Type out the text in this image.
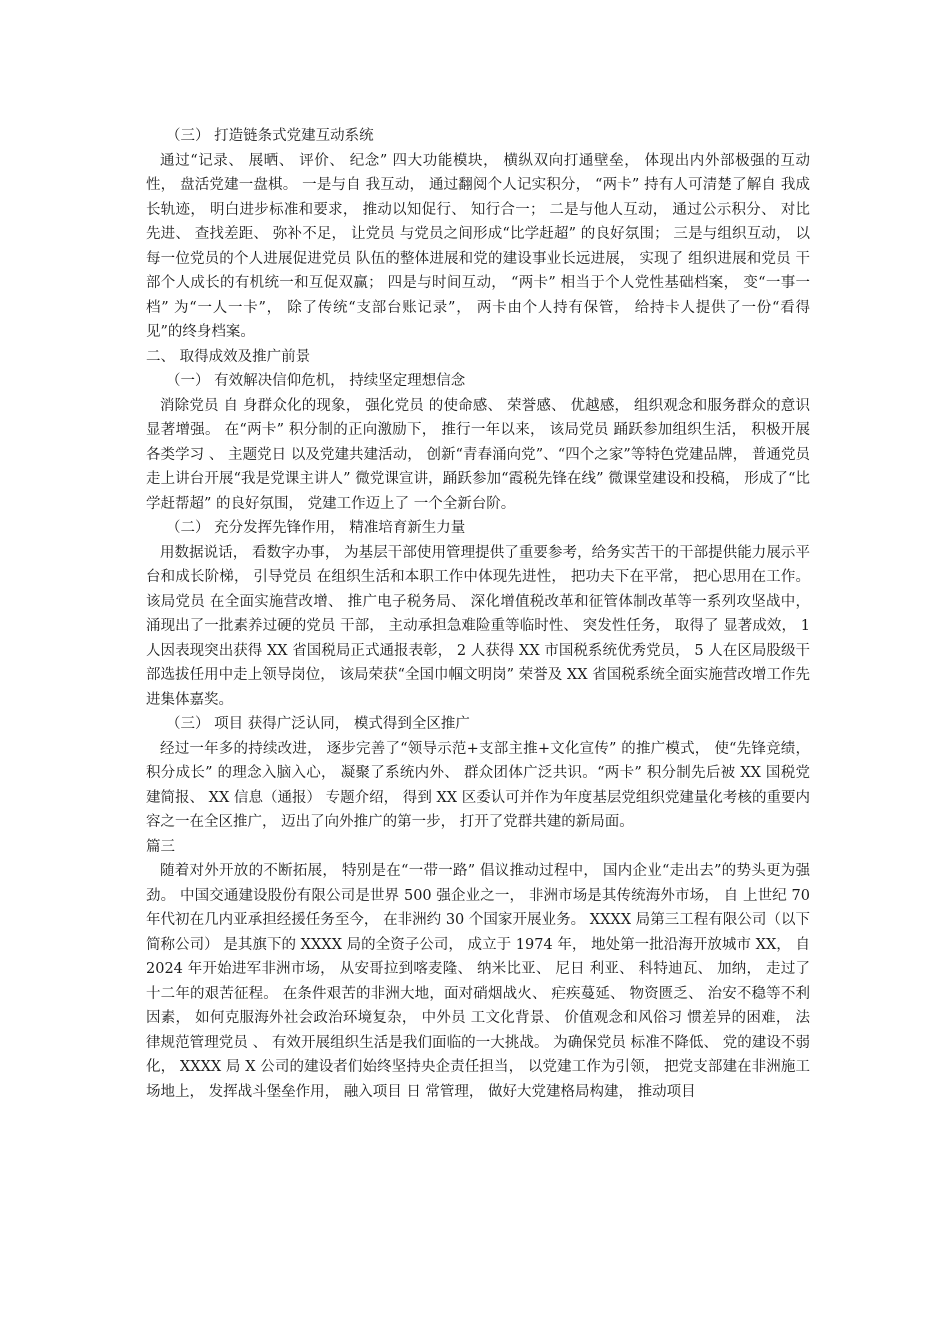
（三） 打造链条式党建互动系统

通过“记录、 展晒、 评价、 纪念” 四大功能模块， 横纵双向打通壁垒， 体现出内外部极强的互动性， 盘活党建一盘棋。 一是与自 我互动， 通过翻阅个人记实积分， “两卡” 持有人可清楚了解自 我成长轨迹， 明白进步标准和要求， 推动以知促行、 知行合一； 二是与他人互动， 通过公示积分、 对比先进、 查找差距、 弥补不足， 让党员 与党员之间形成“比学赶超” 的良好氛围； 三是与组织互动， 以每一位党员的个人进展促进党员 队伍的整体进展和党的建设事业长远进展， 实现了 组织进展和党员 干部个人成长的有机统一和互促双赢； 四是与时间互动， “两卡” 相当于个人党性基础档案， 变“一事一档” 为“一人一卡”， 除了传统“支部台账记录”， 两卡由个人持有保管， 给持卡人提供了一份“看得见”的终身档案。

二、 取得成效及推广前景

（一） 有效解决信仰危机， 持续坚定理想信念

消除党员 自 身群众化的现象， 强化党员 的使命感、 荣誉感、 优越感， 组织观念和服务群众的意识显著增强。 在“两卡” 积分制的正向激励下， 推行一年以来， 该局党员 踊跃参加组织生活， 积极开展各类学习 、 主题党日 以及党建共建活动， 创新“青春涌向党”、“四个之家”等特色党建品牌， 普通党员 走上讲台开展“我是党课主讲人” 微党课宣讲，踊跃参加“霞税先锋在线” 微课堂建设和投稿， 形成了“比学赶帮超” 的良好氛围， 党建工作迈上了 一个全新台阶。

（二） 充分发挥先锋作用， 精准培育新生力量

用数据说话， 看数字办事， 为基层干部使用管理提供了重要参考，给务实苦干的干部提供能力展示平台和成长阶梯， 引导党员 在组织生活和本职工作中体现先进性， 把功夫下在平常， 把心思用在工作。 该局党员 在全面实施营改增、 推广电子税务局、 深化增值税改革和征管体制改革等一系列攻坚战中， 涌现出了一批素养过硬的党员 干部， 主动承担急难险重等临时性、 突发性任务， 取得了 显著成效， 1 人因表现突出获得 XX 省国税局正式通报表彰， 2 人获得 XX 市国税系统优秀党员， 5 人在区局股级干部选拔任用中走上领导岗位， 该局荣获“全国巾帼文明岗” 荣誉及 XX 省国税系统全面实施营改增工作先进集体嘉奖。

（三） 项目 获得广泛认同， 模式得到全区推广

经过一年多的持续改进， 逐步完善了“领导示范+支部主推+文化宣传” 的推广模式， 使“先锋竞绩， 积分成长” 的理念入脑入心， 凝聚了系统内外、 群众团体广泛共识。“两卡” 积分制先后被 XX 国税党建简报、 XX 信息（通报） 专题介绍， 得到 XX 区委认可并作为年度基层党组织党建量化考核的重要内容之一在全区推广， 迈出了向外推广的第一步， 打开了党群共建的新局面。

篇三

随着对外开放的不断拓展， 特别是在“一带一路” 倡议推动过程中， 国内企业“走出去”的势头更为强劲。 中国交通建设股份有限公司是世界 500 强企业之一， 非洲市场是其传统海外市场， 自 上世纪 70 年代初在几内亚承担经援任务至今， 在非洲约 30 个国家开展业务。 XXXX 局第三工程有限公司（以下简称公司） 是其旗下的 XXXX 局的全资子公司， 成立于 1974 年， 地处第一批沿海开放城市 XX， 自 2024 年开始进军非洲市场， 从安哥拉到喀麦隆、 纳米比亚、 尼日 利亚、 科特迪瓦、 加纳， 走过了十二年的艰苦征程。 在条件艰苦的非洲大地，面对硝烟战火、 疟疾蔓延、 物资匮乏、 治安不稳等不利因素， 如何克服海外社会政治环境复杂， 中外员 工文化背景、 价值观念和风俗习 惯差异的困难， 法律规范管理党员 、 有效开展组织生活是我们面临的一大挑战。 为确保党员 标准不降低、 党的建设不弱化， XXXX 局 X 公司的建设者们始终坚持央企责任担当， 以党建工作为引领， 把党支部建在非洲施工场地上， 发挥战斗堡垒作用， 融入项目 日 常管理， 做好大党建格局构建， 推动项目
